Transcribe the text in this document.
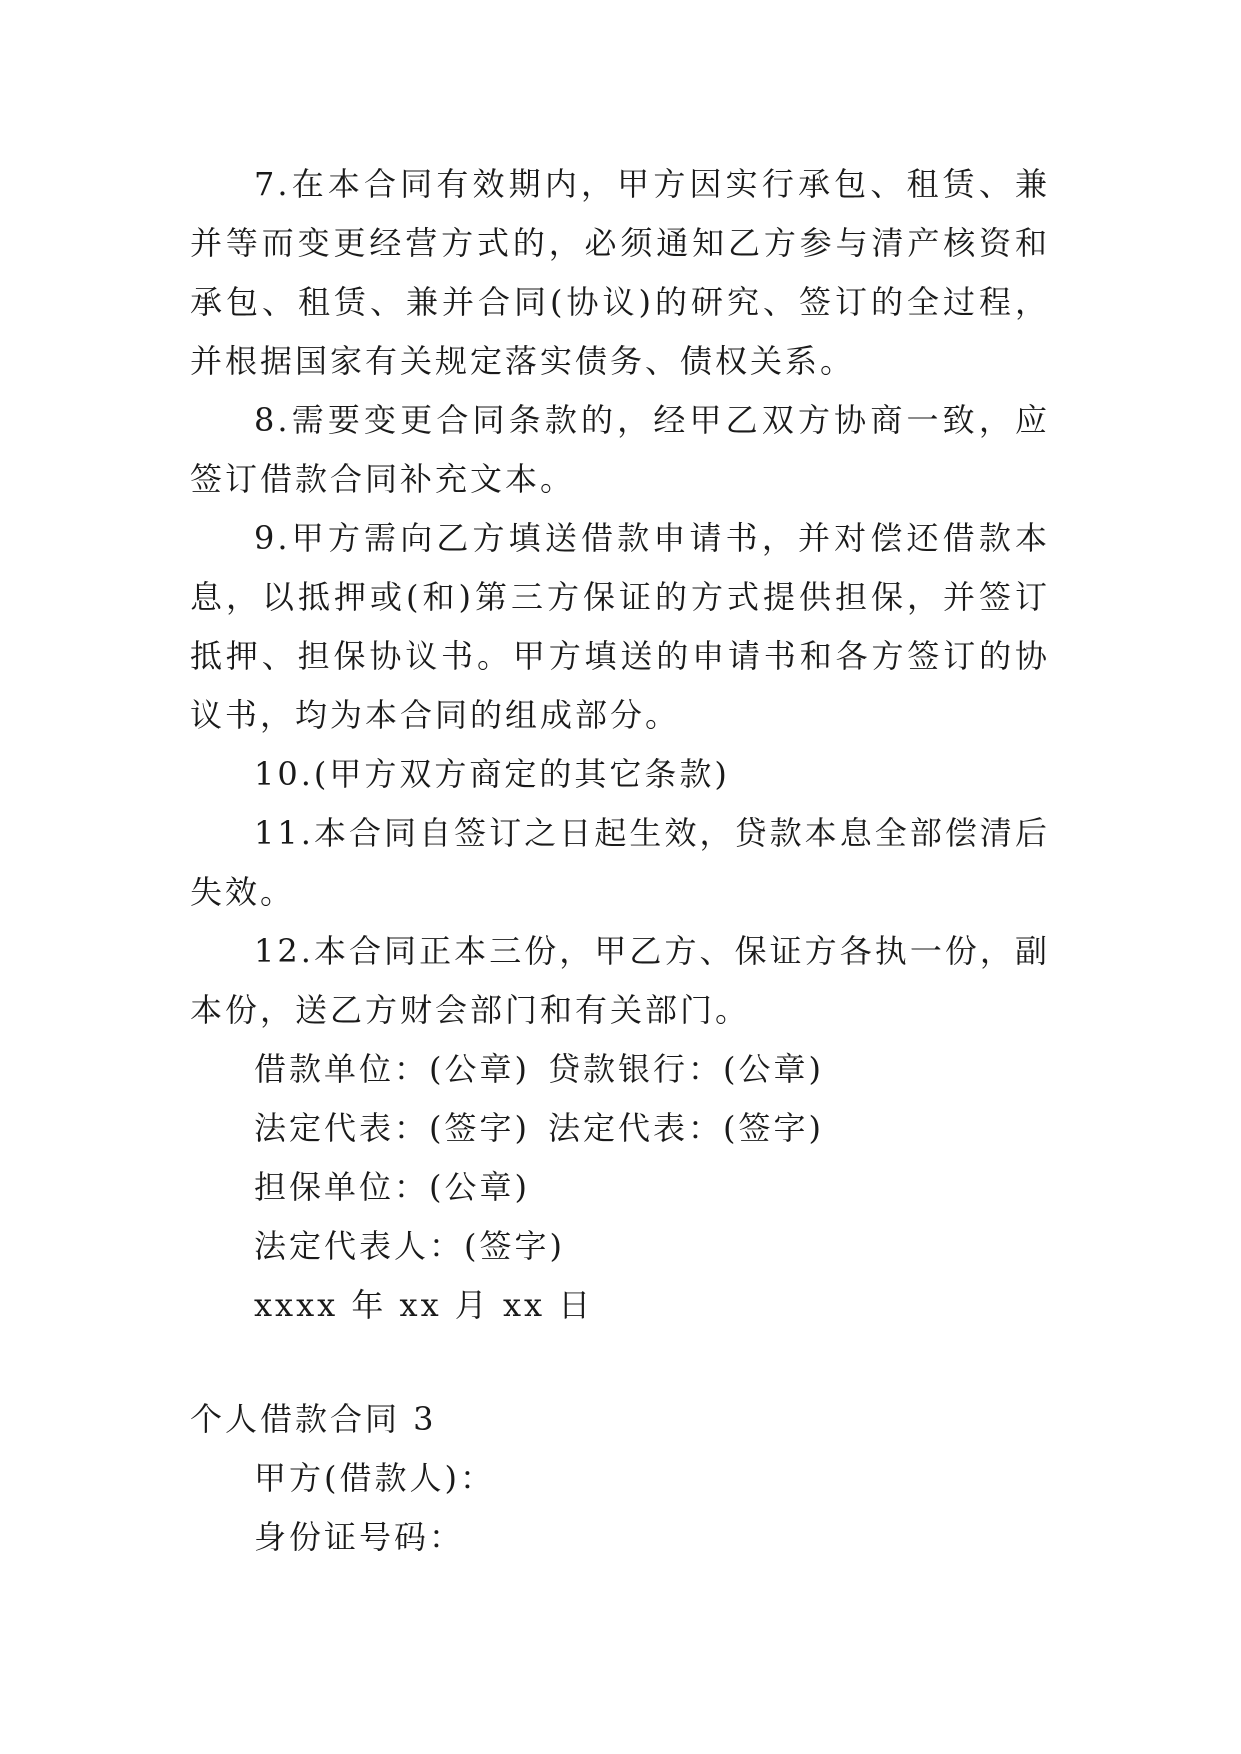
7.在本合同有效期内，甲方因实行承包、租赁、兼并等而变更经营方式的，必须通知乙方参与清产核资和承包、租赁、兼并合同(协议)的研究、签订的全过程，并根据国家有关规定落实债务、债权关系。

8.需要变更合同条款的，经甲乙双方协商一致，应签订借款合同补充文本。

9.甲方需向乙方填送借款申请书，并对偿还借款本息，以抵押或(和)第三方保证的方式提供担保，并签订抵押、担保协议书。甲方填送的申请书和各方签订的协议书，均为本合同的组成部分。

10.(甲方双方商定的其它条款)

11.本合同自签订之日起生效，贷款本息全部偿清后失效。

12.本合同正本三份，甲乙方、保证方各执一份，副本份，送乙方财会部门和有关部门。

借款单位：(公章) 贷款银行：(公章)
法定代表：(签字) 法定代表：(签字)
担保单位：(公章)
法定代表人：(签字)
xxxx 年 xx 月 xx 日
个人借款合同 3
甲方(借款人)：
身份证号码：
